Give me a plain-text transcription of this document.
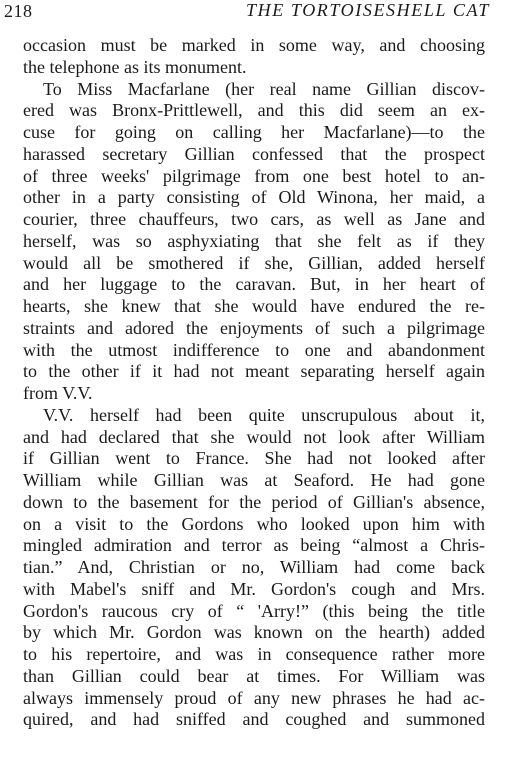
218	THE TORTOISESHELL CAT
occasion must be marked in some way, and choosing
the telephone as its monument.
To Miss Macfarlane (her real name Gillian discov-
ered was Bronx-Prittlewell, and this did seem an ex-
cuse for going on calling her Macfarlane)—to the
harassed secretary Gillian confessed that the prospect
of three weeks' pilgrimage from one best hotel to an-
other in a party consisting of Old Winona, her maid, a
courier, three chauffeurs, two cars, as well as Jane and
herself, was so asphyxiating that she felt as if they
would all be smothered if she, Gillian, added herself
and her luggage to the caravan. But, in her heart of
hearts, she knew that she would have endured the re-
straints and adored the enjoyments of such a pilgrimage
with the utmost indifference to one and abandonment
to the other if it had not meant separating herself again
from V.V.
V.V. herself had been quite unscrupulous about it,
and had declared that she would not look after William
if Gillian went to France. She had not looked after
William while Gillian was at Seaford. He had gone
down to the basement for the period of Gillian's absence,
on a visit to the Gordons who looked upon him with
mingled admiration and terror as being “almost a Chris-
tian.” And, Christian or no, William had come back
with Mabel's sniff and Mr. Gordon's cough and Mrs.
Gordon's raucous cry of “ 'Arry!” (this being the title
by which Mr. Gordon was known on the hearth) added
to his repertoire, and was in consequence rather more
than Gillian could bear at times. For William was
always immensely proud of any new phrases he had ac-
quired, and had sniffed and coughed and summoned
